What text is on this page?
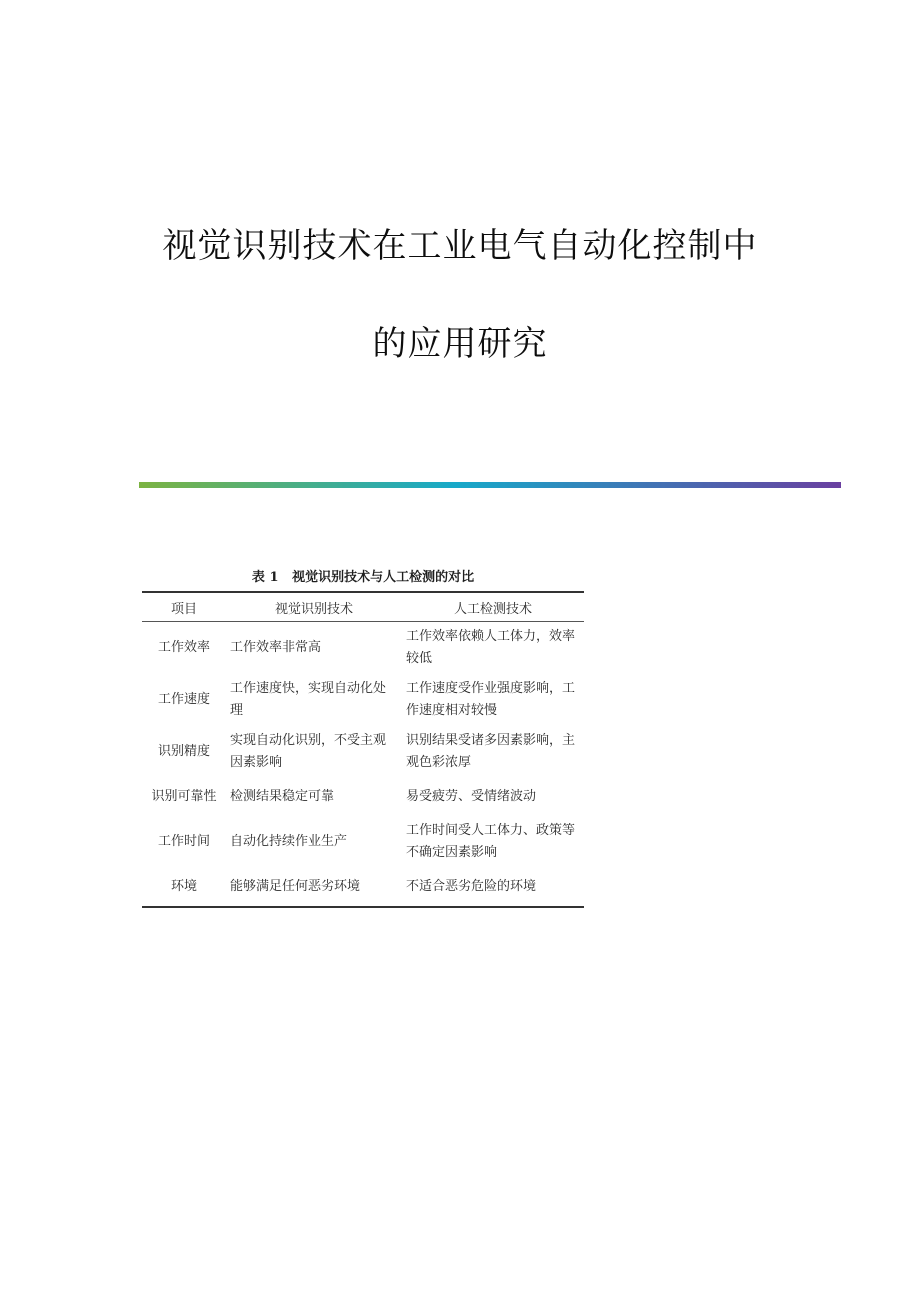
视觉识别技术在工业电气自动化控制中
的应用研究
表 1   视觉识别技术与人工检测的对比
项目	视觉识别技术	人工检测技术
工作效率	工作效率非常高	工作效率依赖人工体力，效率较低
工作速度	工作速度快，实现自动化处理	工作速度受作业强度影响，工作速度相对较慢
识别精度	实现自动化识别，不受主观因素影响	识别结果受诸多因素影响，主观色彩浓厚
识别可靠性	检测结果稳定可靠	易受疲劳、受情绪波动
工作时间	自动化持续作业生产	工作时间受人工体力、政策等不确定因素影响
环境	能够满足任何恶劣环境	不适合恶劣危险的环境
